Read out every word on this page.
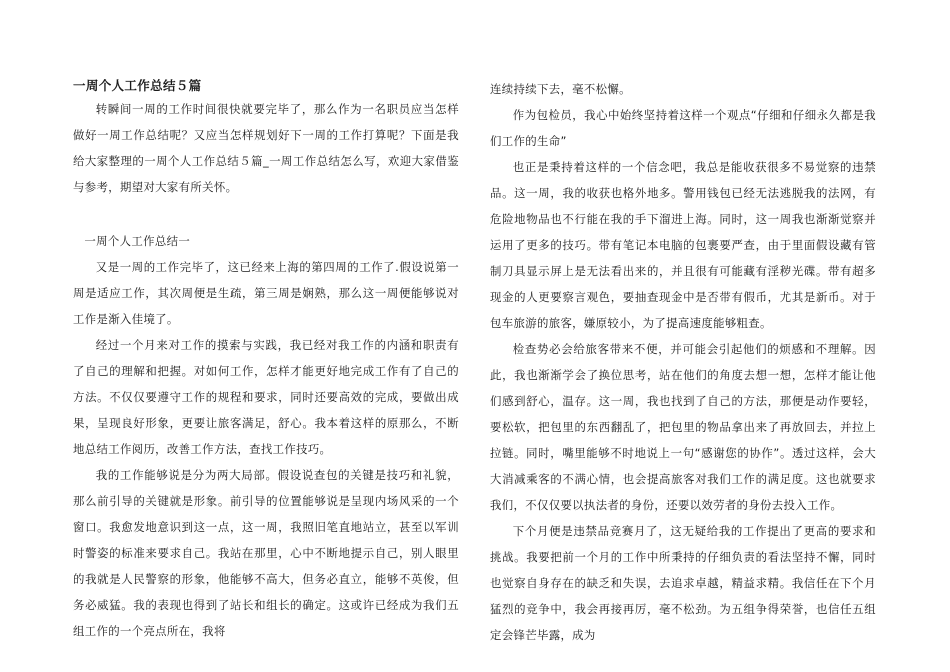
一周个人工作总结５篇

转瞬间一周的工作时间很快就要完毕了，那么作为一名职员应当怎样做好一周工作总结呢？又应当怎样规划好下一周的工作打算呢？下面是我给大家整理的一周个人工作总结５篇_一周工作总结怎么写，欢迎大家借鉴与参考，期望对大家有所关怀。

一周个人工作总结一

又是一周的工作完毕了，这已经来上海的第四周的工作了.假设说第一周是适应工作，其次周便是生疏，第三周是娴熟，那么这一周便能够说对工作是渐入佳境了。

经过一个月来对工作的摸索与实践，我已经对我工作的内涵和职责有了自己的理解和把握。对如何工作，怎样才能更好地完成工作有了自己的方法。不仅仅要遵守工作的规程和要求，同时还要高效的完成，要做出成果，呈现良好形象，更要让旅客满足，舒心。我本着这样的原那么，不断地总结工作阅历，改善工作方法，查找工作技巧。

我的工作能够说是分为两大局部。假设说查包的关键是技巧和礼貌，那么前引导的关键就是形象。前引导的位置能够说是呈现内场风采的一个窗口。我愈发地意识到这一点，这一周，我照旧笔直地站立，甚至以军训时警姿的标准来要求自己。我站在那里，心中不断地提示自己，别人眼里的我就是人民警察的形象，他能够不高大，但务必直立，能够不英俊，但务必威猛。我的表现也得到了站长和组长的确定。这或许已经成为我们五组工作的一个亮点所在，我将

连续持续下去，毫不松懈。

作为包检员，我心中始终坚持着这样一个观点“仔细和仔细永久都是我们工作的生命”

也正是秉持着这样的一个信念吧，我总是能收获很多不易觉察的违禁品。这一周，我的收获也格外地多。警用钱包已经无法逃脱我的法网，有危险地物品也不行能在我的手下溜进上海。同时，这一周我也渐渐觉察并运用了更多的技巧。带有笔记本电脑的包裹要严查，由于里面假设藏有管制刀具显示屏上是无法看出来的，并且很有可能藏有淫秽光碟。带有超多现金的人更要察言观色，要抽查现金中是否带有假币，尤其是新币。对于包车旅游的旅客，嫌原较小，为了提高速度能够粗查。

检查势必会给旅客带来不便，并可能会引起他们的烦感和不理解。因此，我也渐渐学会了换位思考，站在他们的角度去想一想，怎样才能让他们感到舒心，温存。这一周，我也找到了自己的方法，那便是动作要轻，要松软，把包里的东西翻乱了，把包里的物品拿出来了再放回去，并拉上拉链。同时，嘴里能够不时地说上一句“感谢您的协作”。透过这样，会大大消减乘客的不满心情，也会提高旅客对我们工作的满足度。这也就要求我们，不仅仅要以执法者的身份，还要以效劳者的身份去投入工作。

下个月便是违禁品竞赛月了，这无疑给我的工作提出了更高的要求和挑战。我要把前一个月的工作中所秉持的仔细负责的看法坚持不懈，同时也觉察自身存在的缺乏和失误，去追求卓越，精益求精。我信任在下个月猛烈的竞争中，我会再接再厉，毫不松劲。为五组争得荣誉，也信任五组定会锋芒毕露，成为
